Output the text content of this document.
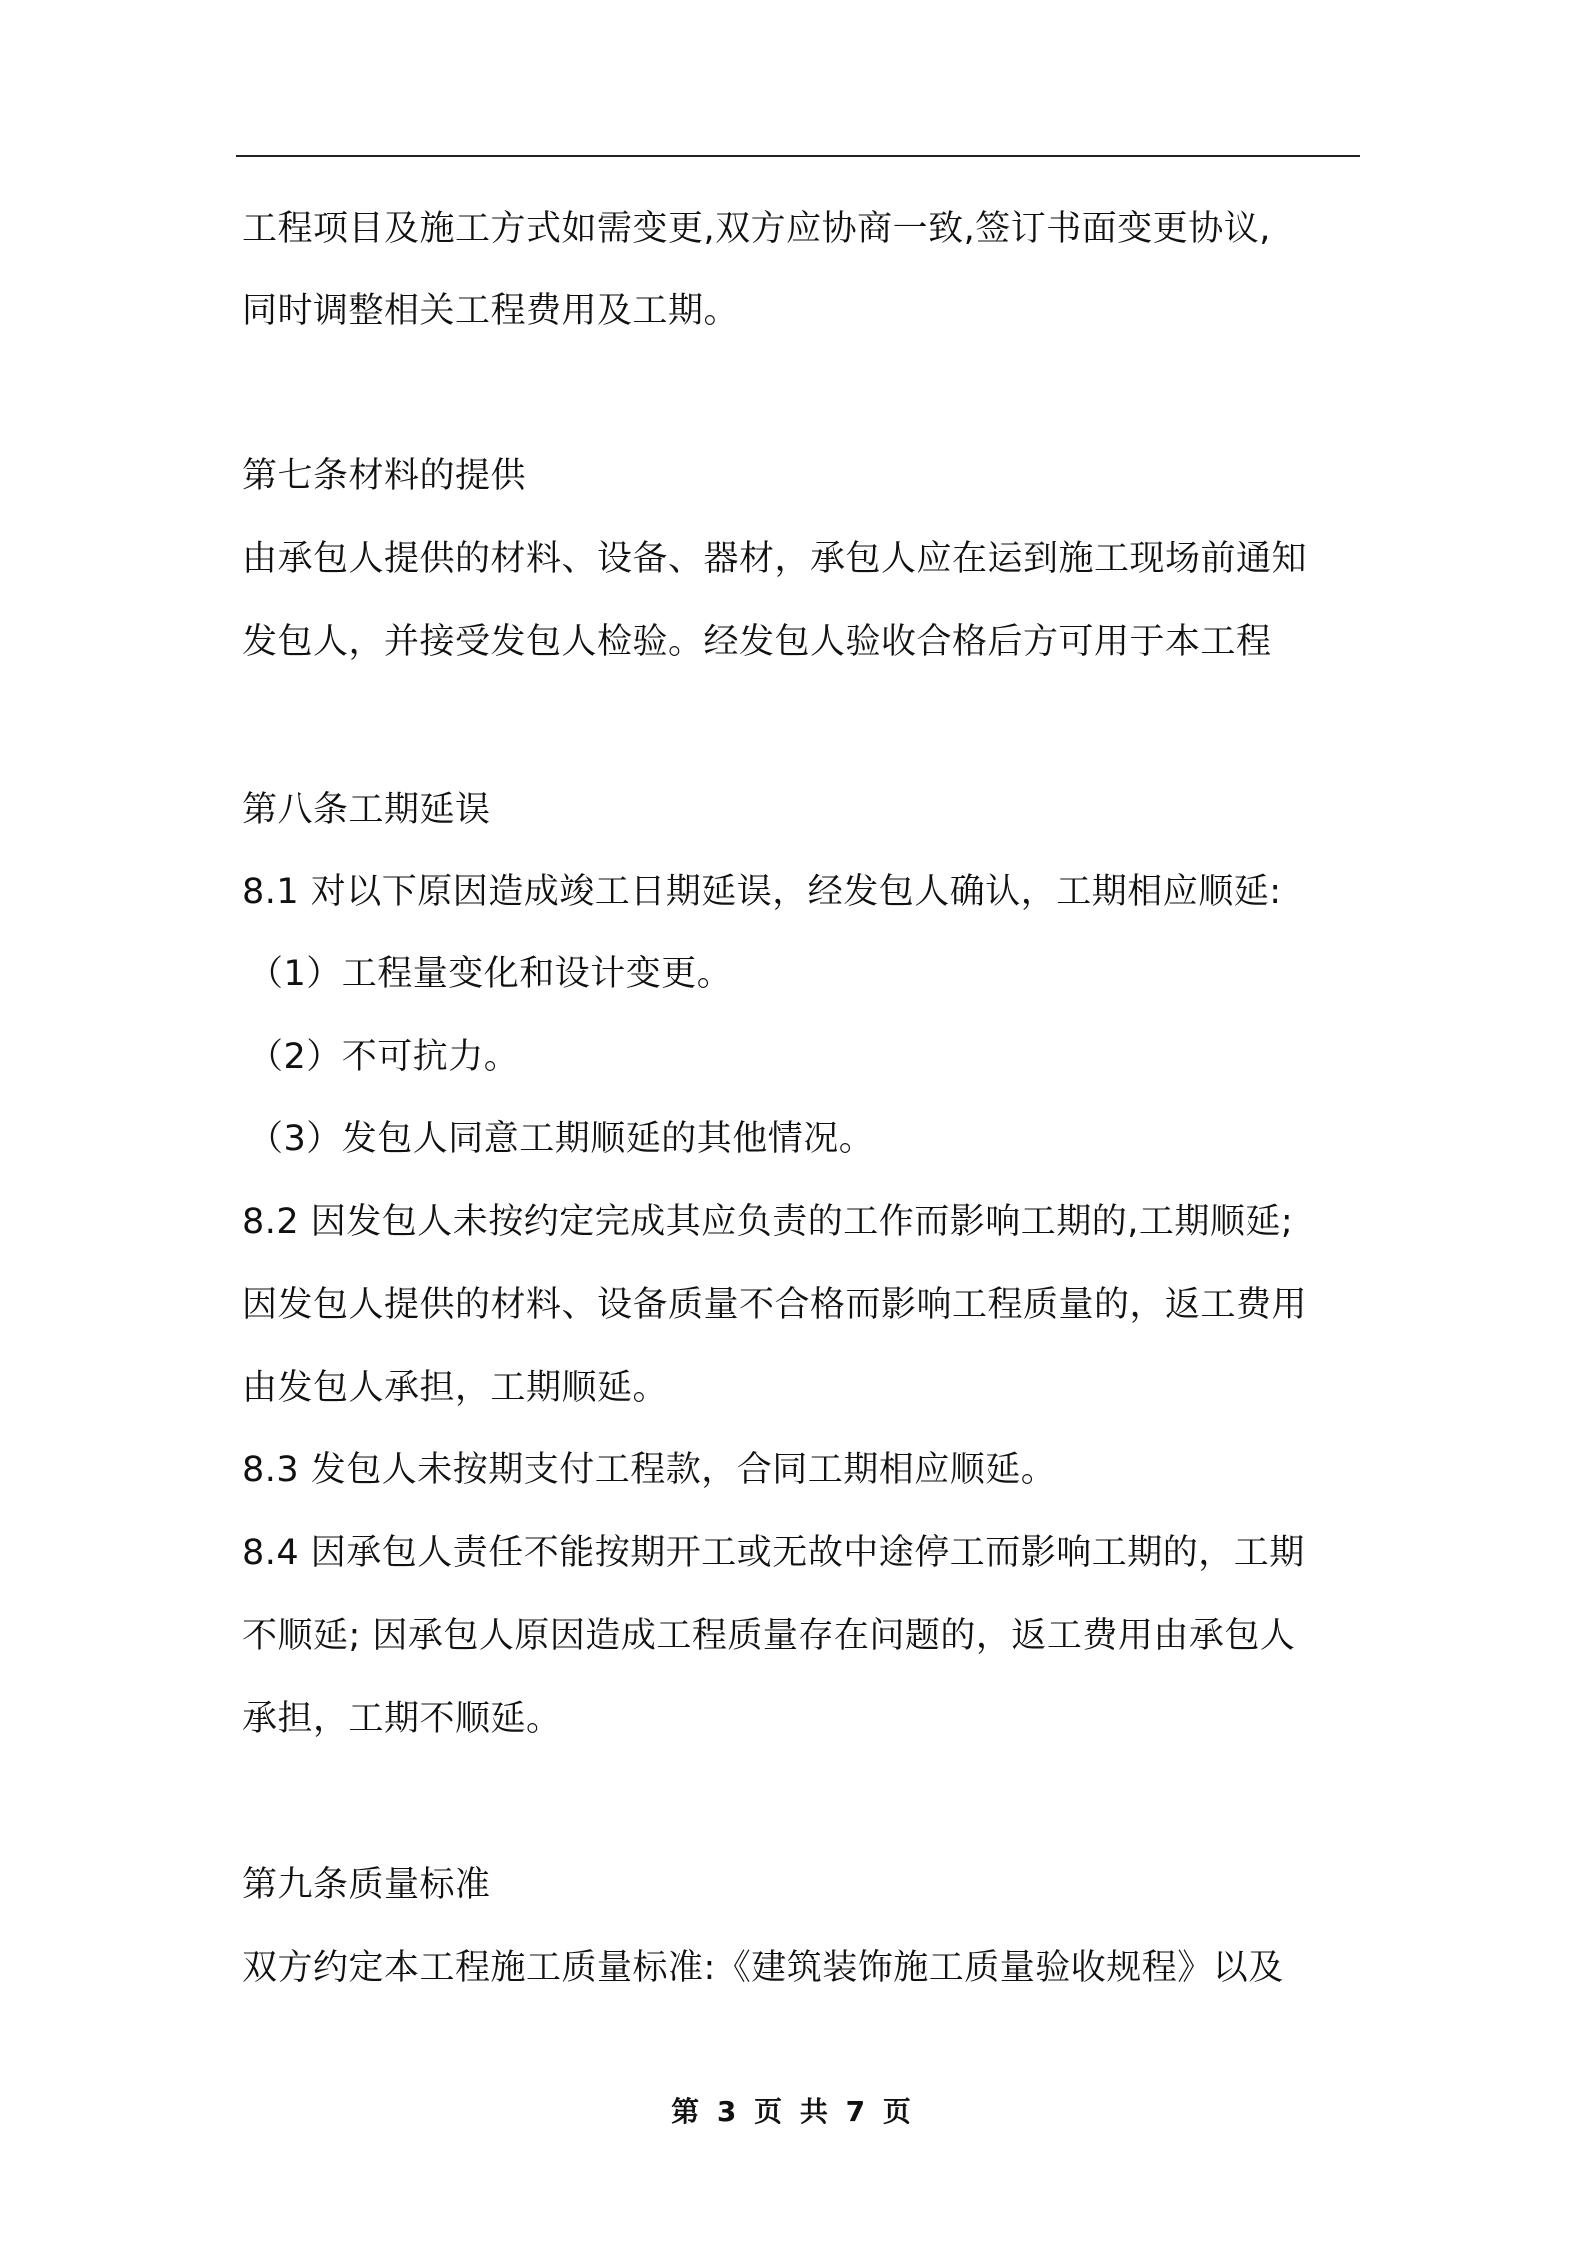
工程项目及施工方式如需变更,双方应协商一致,签订书面变更协议,
同时调整相关工程费用及工期。
第七条材料的提供
由承包人提供的材料、设备、器材，承包人应在运到施工现场前通知
发包人，并接受发包人检验。经发包人验收合格后方可用于本工程
第八条工期延误
8.1 对以下原因造成竣工日期延误，经发包人确认，工期相应顺延:
（1）工程量变化和设计变更。
（2）不可抗力。
（3）发包人同意工期顺延的其他情况。
8.2 因发包人未按约定完成其应负责的工作而影响工期的,工期顺延;
因发包人提供的材料、设备质量不合格而影响工程质量的，返工费用
由发包人承担，工期顺延。
8.3 发包人未按期支付工程款，合同工期相应顺延。
8.4 因承包人责任不能按期开工或无故中途停工而影响工期的，工期
不顺延; 因承包人原因造成工程质量存在问题的，返工费用由承包人
承担，工期不顺延。
第九条质量标准
双方约定本工程施工质量标准:《建筑装饰施工质量验收规程》以及
第 3 页 共 7 页
